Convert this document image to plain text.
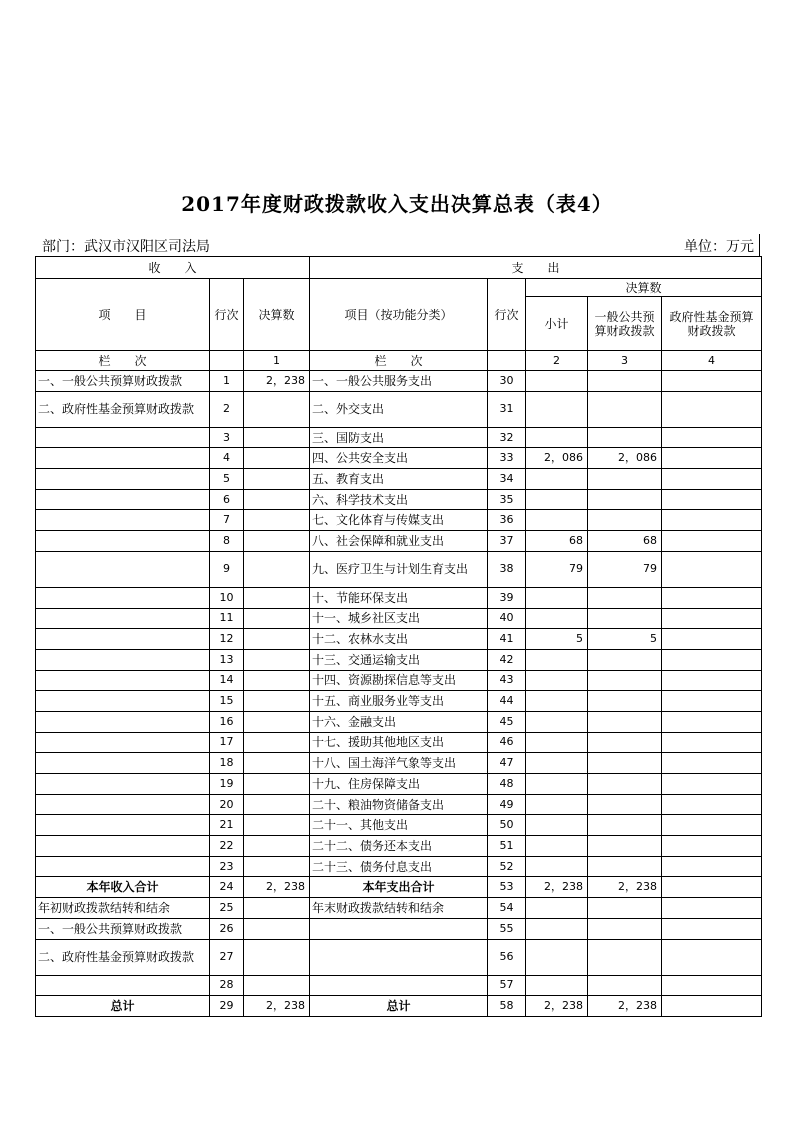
2017年度财政拨款收入支出决算总表（表4）
部门：武汉市汉阳区司法局	单位：万元
收　　入			支　　出				
项　　目	行次	决算数	项目（按功能分类）	行次	决算数		
					小计	一般公共预算财政拨款	政府性基金预算财政拨款
栏　　次		1	栏　　次		2	3	4
一、一般公共预算财政拨款	1	2，238	一、一般公共服务支出	30			
二、政府性基金预算财政拨款	2		二、外交支出	31			
	3		三、国防支出	32			
	4		四、公共安全支出	33	2，086	2，086	
	5		五、教育支出	34			
	6		六、科学技术支出	35			
	7		七、文化体育与传媒支出	36			
	8		八、社会保障和就业支出	37	68	68	
	9		九、医疗卫生与计划生育支出	38	79	79	
	10		十、节能环保支出	39			
	11		十一、城乡社区支出	40			
	12		十二、农林水支出	41	5	5	
	13		十三、交通运输支出	42			
	14		十四、资源勘探信息等支出	43			
	15		十五、商业服务业等支出	44			
	16		十六、金融支出	45			
	17		十七、援助其他地区支出	46			
	18		十八、国土海洋气象等支出	47			
	19		十九、住房保障支出	48			
	20		二十、粮油物资储备支出	49			
	21		二十一、其他支出	50			
	22		二十二、债务还本支出	51			
	23		二十三、债务付息支出	52			
本年收入合计	24	2，238	本年支出合计	53	2，238	2，238	
年初财政拨款结转和结余	25		年末财政拨款结转和结余	54			
一、一般公共预算财政拨款	26			55			
二、政府性基金预算财政拨款	27			56			
	28			57			
总计	29	2，238	总计	58	2，238	2，238	
